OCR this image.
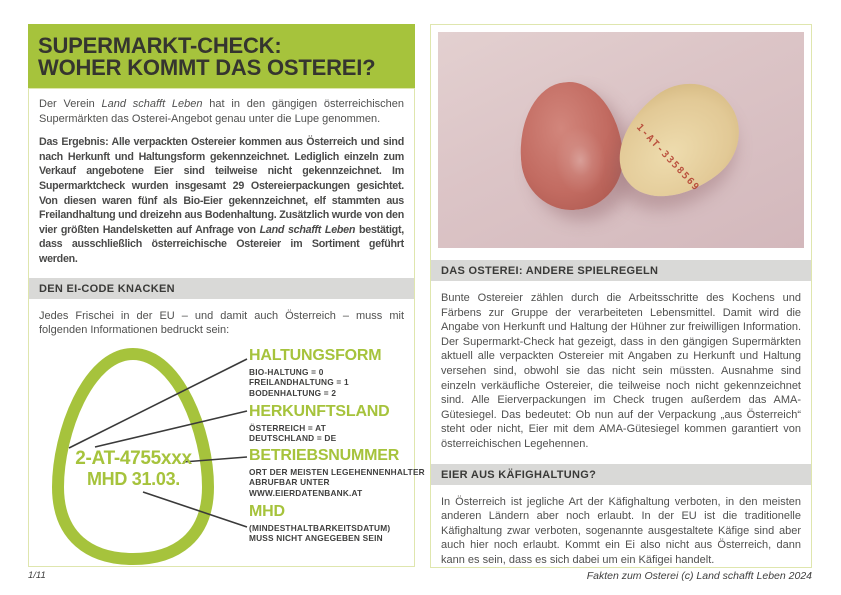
SUPERMARKT-CHECK:
WOHER KOMMT DAS OSTEREI?

Der Verein Land schafft Leben hat in den gängigen österreichischen Supermärkten das Osterei-Angebot genau unter die Lupe genommen.

Das Ergebnis: Alle verpackten Ostereier kommen aus Österreich und sind nach Herkunft und Haltungsform gekennzeichnet. Lediglich einzeln zum Verkauf angebotene Eier sind teilweise nicht gekennzeichnet. Im Supermarktcheck wurden insgesamt 29 Ostereierpackungen gesichtet. Von diesen waren fünf als Bio-Eier gekennzeichnet, elf stammten aus Freilandhaltung und dreizehn aus Bodenhaltung. Zusätzlich wurde von den vier größten Handelsketten auf Anfrage von Land schafft Leben bestätigt, dass ausschließlich österreichische Ostereier im Sortiment geführt werden.

DEN EI-CODE KNACKEN

Jedes Frischei in der EU – und damit auch Österreich – muss mit folgenden Informationen bedruckt sein:

2-AT-4755xxx
MHD 31.03.
HALTUNGSFORM
BIO-HALTUNG = 0
FREILANDHALTUNG = 1
BODENHALTUNG = 2
HERKUNFTSLAND
ÖSTERREICH = AT
DEUTSCHLAND = DE
BETRIEBSNUMMER
ORT DER MEISTEN LEGEHENNENHALTER
ABRUFBAR UNTER
WWW.EIERDATENBANK.AT
MHD
(MINDESTHALTBARKEITSDATUM)
MUSS NICHT ANGEGEBEN SEIN
1-AT-3358569
DAS OSTEREI: ANDERE SPIELREGELN

Bunte Ostereier zählen durch die Arbeitsschritte des Kochens und Färbens zur Gruppe der verarbeiteten Lebensmittel. Damit wird die Angabe von Herkunft und Haltung der Hühner zur freiwilligen Information. Der Supermarkt-Check hat gezeigt, dass in den gängigen Supermärkten aktuell alle verpackten Ostereier mit Angaben zu Herkunft und Haltung versehen sind, obwohl sie das nicht sein müssten. Ausnahme sind einzeln verkäufliche Ostereier, die teilweise noch nicht gekennzeichnet sind. Alle Eierverpackungen im Check trugen außerdem das AMA-Gütesiegel. Das bedeutet: Ob nun auf der Verpackung „aus Österreich“ steht oder nicht, Eier mit dem AMA-Gütesiegel kommen garantiert von österreichischen Legehennen.

EIER AUS KÄFIGHALTUNG?

In Österreich ist jegliche Art der Käfighaltung verboten, in den meisten anderen Ländern aber noch erlaubt. In der EU ist die traditionelle Käfighaltung zwar verboten, sogenannte ausgestaltete Käfige sind aber auch hier noch erlaubt. Kommt ein Ei also nicht aus Österreich, dann kann es sein, dass es sich dabei um ein Käfigei handelt.

1/11	Fakten zum Osterei (c) Land schafft Leben 2024
